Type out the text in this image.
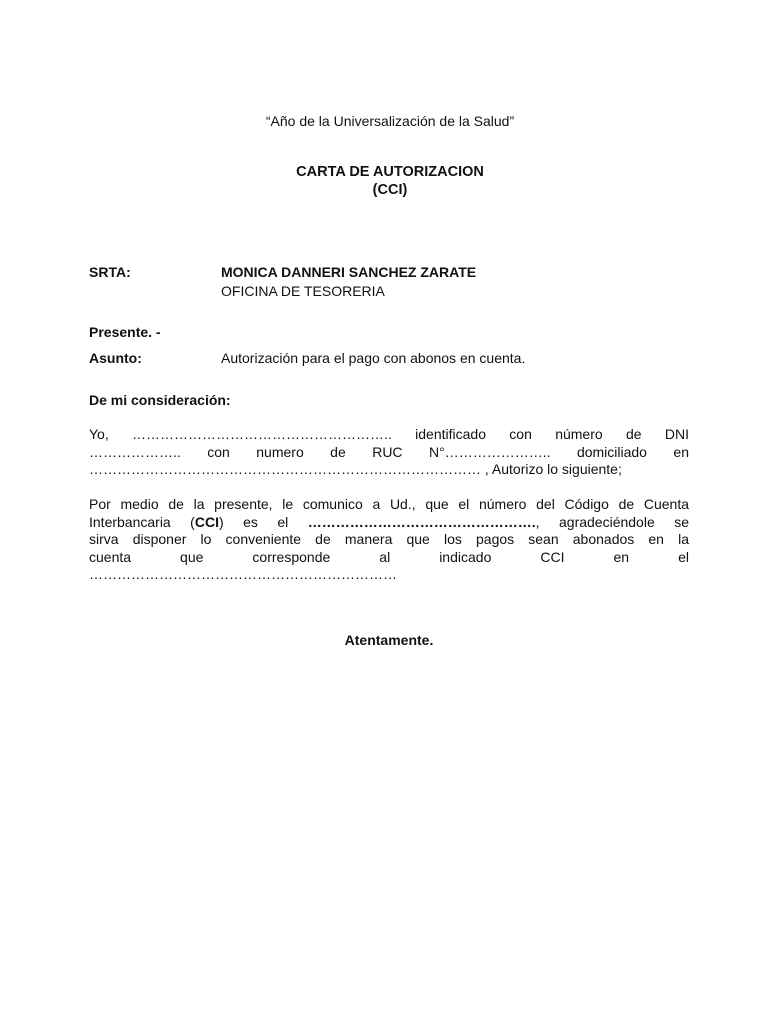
“Año de la Universalización de la Salud”
CARTA DE AUTORIZACION
(CCI)
SRTA:	MONICA DANNERI SANCHEZ ZARATE
OFICINA DE TESORERIA
Presente. -
Asunto:	Autorización para el pago con abonos en cuenta.
De mi consideración:
Yo, ……………………………………………….. identificado con número de DNI
……………….. con numero de RUC N°………………….. domiciliado en
………………………………………………………………………… , Autorizo lo siguiente;
Por medio de la presente, le comunico a Ud., que el número del Código de Cuenta
Interbancaria (CCI) es el …………………………………………., agradeciéndole se
sirva disponer lo conveniente de manera que los pagos sean abonados en la
cuenta que corresponde al indicado CCI en el
…………………………………………………………
Atentamente.
